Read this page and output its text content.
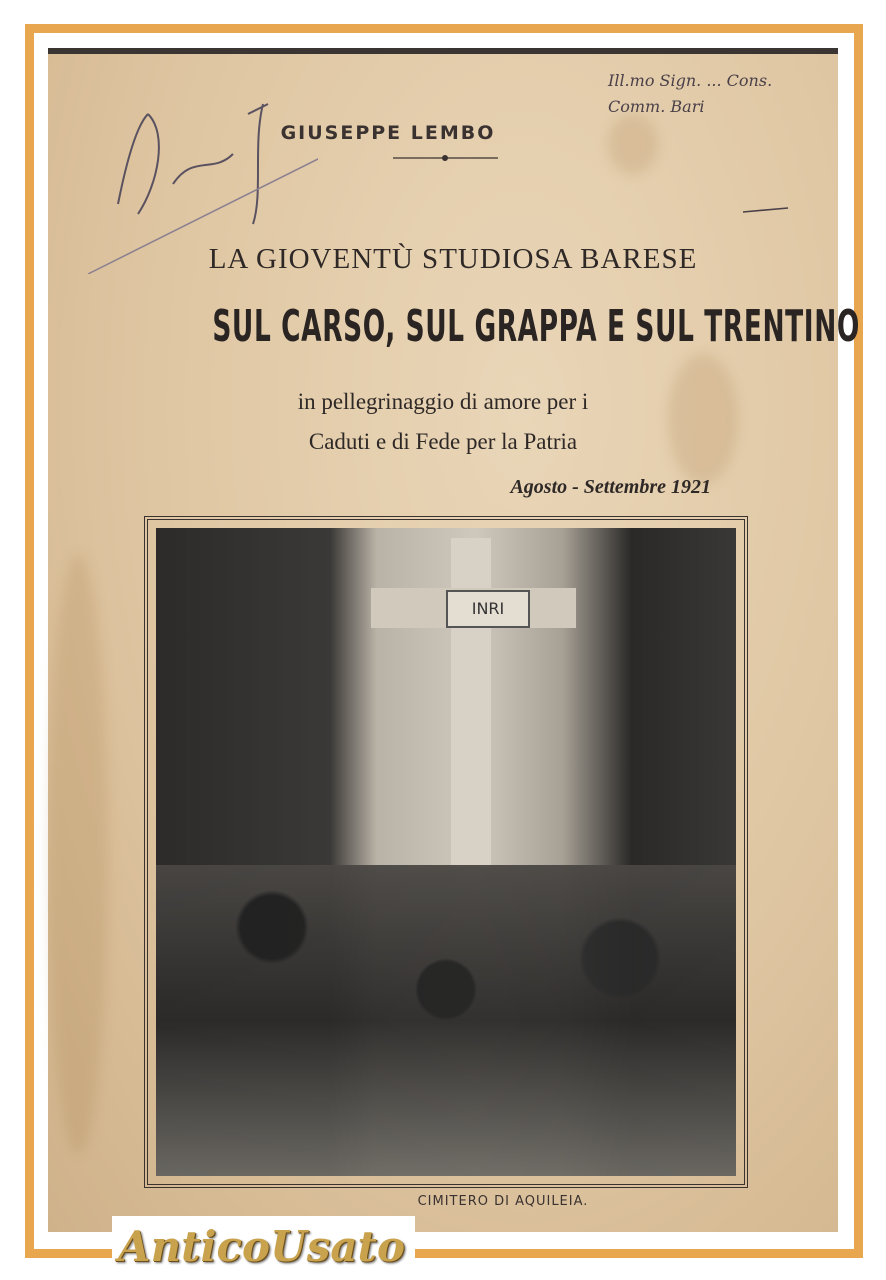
Ill.mo Sign. ... Cons. Comm. Bari
GIUSEPPE LEMBO
LA GIOVENTÙ STUDIOSA BARESE
SUL CARSO, SUL GRAPPA E SUL TRENTINO
in pellegrinaggio di amore per i
Caduti e di Fede per la Patria
Agosto - Settembre 1921
INRI
CIMITERO DI AQUILEIA.
AnticoUsato
